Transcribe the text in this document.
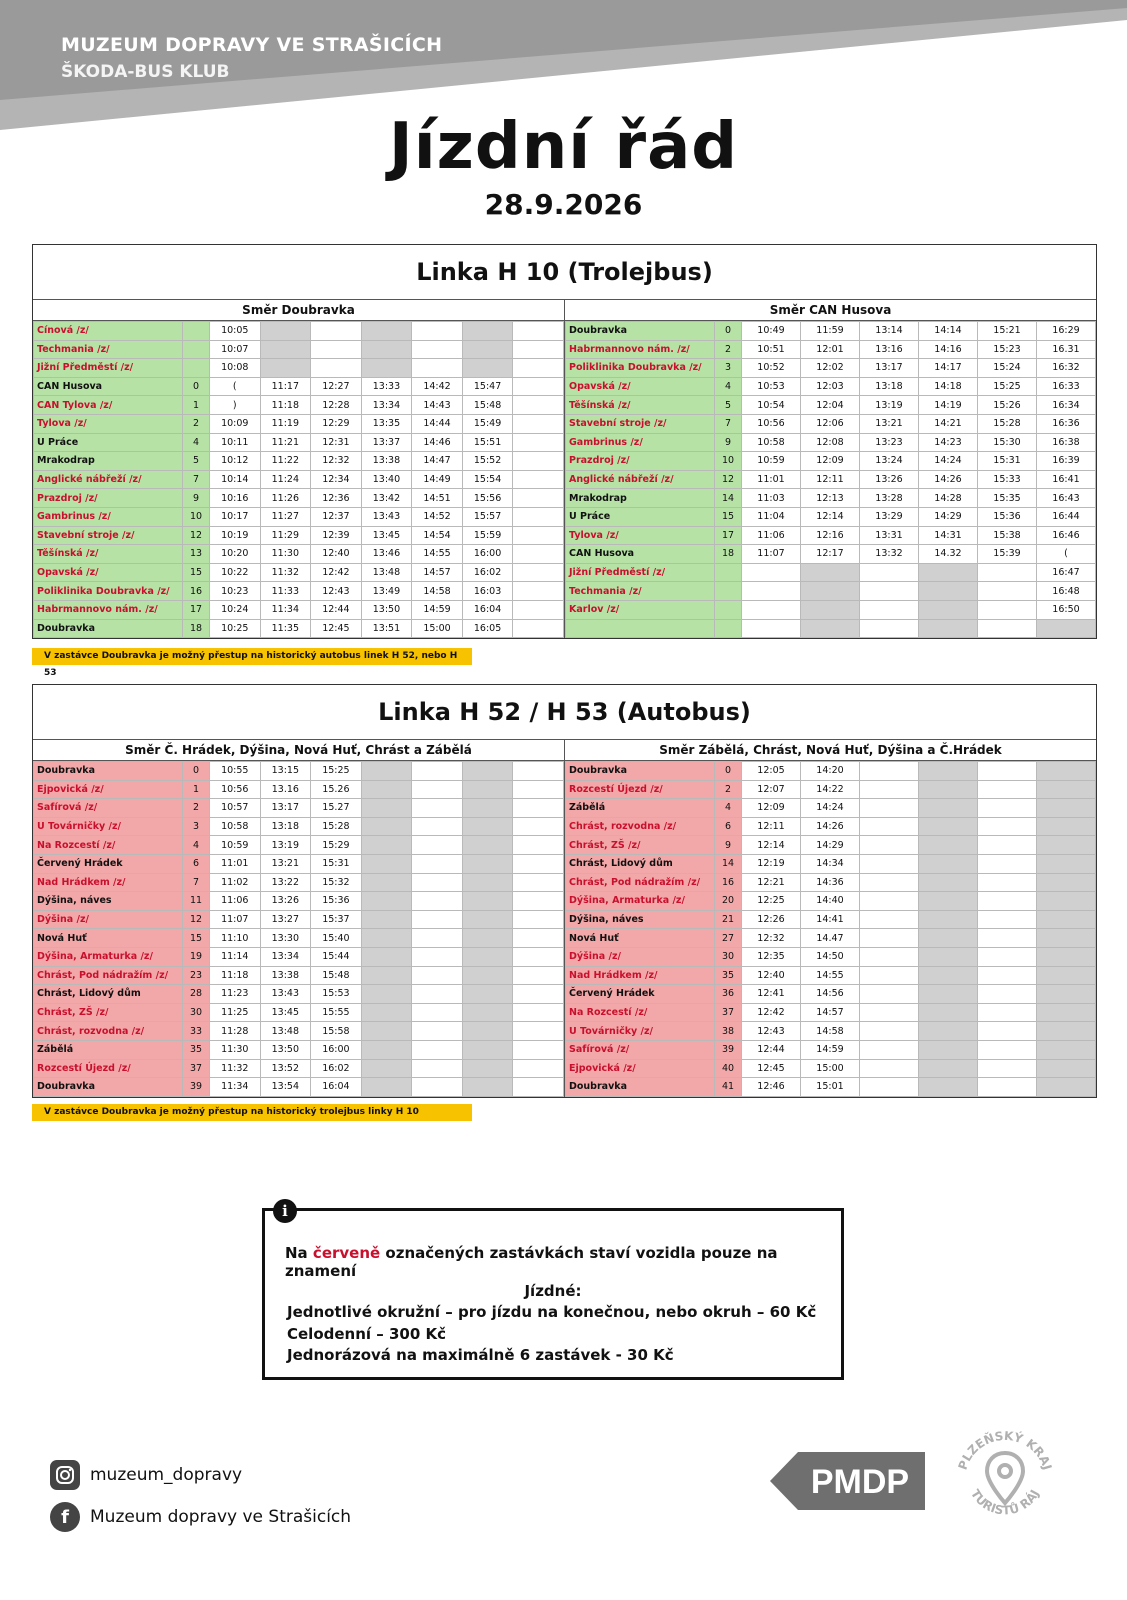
MUZEUM DOPRAVY VE STRAŠICÍCH
ŠKODA-BUS KLUB
Jízdní řád
28.9.2026
Linka H 10 (Trolejbus)
Směr Doubravka
Cínová /z/		10:05						
Techmania /z/		10:07						
Jižní Předměstí /z/		10:08						
CAN Husova	0	(	11:17	12:27	13:33	14:42	15:47	
CAN Tylova /z/	1	)	11:18	12:28	13:34	14:43	15:48	
Tylova /z/	2	10:09	11:19	12:29	13:35	14:44	15:49	
U Práce	4	10:11	11:21	12:31	13:37	14:46	15:51	
Mrakodrap	5	10:12	11:22	12:32	13:38	14:47	15:52	
Anglické nábřeží /z/	7	10:14	11:24	12:34	13:40	14:49	15:54	
Prazdroj /z/	9	10:16	11:26	12:36	13:42	14:51	15:56	
Gambrinus /z/	10	10:17	11:27	12:37	13:43	14:52	15:57	
Stavební stroje /z/	12	10:19	11:29	12:39	13:45	14:54	15:59	
Těšínská /z/	13	10:20	11:30	12:40	13:46	14:55	16:00	
Opavská /z/	15	10:22	11:32	12:42	13:48	14:57	16:02	
Poliklinika Doubravka /z/	16	10:23	11:33	12:43	13:49	14:58	16:03	
Habrmannovo nám. /z/	17	10:24	11:34	12:44	13:50	14:59	16:04	
Doubravka	18	10:25	11:35	12:45	13:51	15:00	16:05	
Směr CAN Husova
Doubravka	0	10:49	11:59	13:14	14:14	15:21	16:29
Habrmannovo nám. /z/	2	10:51	12:01	13:16	14:16	15:23	16.31
Poliklinika Doubravka /z/	3	10:52	12:02	13:17	14:17	15:24	16:32
Opavská /z/	4	10:53	12:03	13:18	14:18	15:25	16:33
Těšínská /z/	5	10:54	12:04	13:19	14:19	15:26	16:34
Stavební stroje /z/	7	10:56	12:06	13:21	14:21	15:28	16:36
Gambrinus /z/	9	10:58	12:08	13:23	14:23	15:30	16:38
Prazdroj /z/	10	10:59	12:09	13:24	14:24	15:31	16:39
Anglické nábřeží /z/	12	11:01	12:11	13:26	14:26	15:33	16:41
Mrakodrap	14	11:03	12:13	13:28	14:28	15:35	16:43
U Práce	15	11:04	12:14	13:29	14:29	15:36	16:44
Tylova /z/	17	11:06	12:16	13:31	14:31	15:38	16:46
CAN Husova	18	11:07	12:17	13:32	14.32	15:39	(
Jižní Předměstí /z/							16:47
Techmania /z/							16:48
Karlov /z/							16:50

V zastávce Doubravka je možný přestup na historický autobus linek H 52, nebo H 53
Linka H 52 / H 53 (Autobus)
Směr Č. Hrádek, Dýšina, Nová Huť, Chrást a Zábělá
Doubravka	0	10:55	13:15	15:25				
Ejpovická /z/	1	10:56	13.16	15.26				
Safírová /z/	2	10:57	13:17	15.27				
U Továrničky /z/	3	10:58	13:18	15:28				
Na Rozcestí /z/	4	10:59	13:19	15:29				
Červený Hrádek	6	11:01	13:21	15:31				
Nad Hrádkem /z/	7	11:02	13:22	15:32				
Dýšina, náves	11	11:06	13:26	15:36				
Dýšina /z/	12	11:07	13:27	15:37				
Nová Huť	15	11:10	13:30	15:40				
Dýšina, Armaturka /z/	19	11:14	13:34	15:44				
Chrást, Pod nádražím /z/	23	11:18	13:38	15:48				
Chrást, Lidový dům	28	11:23	13:43	15:53				
Chrást, ZŠ /z/	30	11:25	13:45	15:55				
Chrást, rozvodna /z/	33	11:28	13:48	15:58				
Zábělá	35	11:30	13:50	16:00				
Rozcestí Újezd /z/	37	11:32	13:52	16:02				
Doubravka	39	11:34	13:54	16:04				
Směr Zábělá, Chrást, Nová Huť, Dýšina a Č.Hrádek
Doubravka	0	12:05	14:20				
Rozcestí Újezd /z/	2	12:07	14:22				
Zábělá	4	12:09	14:24				
Chrást, rozvodna /z/	6	12:11	14:26				
Chrást, ZŠ /z/	9	12:14	14:29				
Chrást, Lidový dům	14	12:19	14:34				
Chrást, Pod nádražím /z/	16	12:21	14:36				
Dýšina, Armaturka /z/	20	12:25	14:40				
Dýšina, náves	21	12:26	14:41				
Nová Huť	27	12:32	14.47				
Dýšina /z/	30	12:35	14:50				
Nad Hrádkem /z/	35	12:40	14:55				
Červený Hrádek	36	12:41	14:56				
Na Rozcestí /z/	37	12:42	14:57				
U Továrničky /z/	38	12:43	14:58				
Safírová /z/	39	12:44	14:59				
Ejpovická /z/	40	12:45	15:00				
Doubravka	41	12:46	15:01				
V zastávce Doubravka je možný přestup na historický trolejbus linky H 10
i
Na červeně označených zastávkách staví vozidla pouze na znamení
Jízdné:
Jednotlivé okružní – pro jízdu na konečnou, nebo okruh – 60 Kč
Celodenní – 300 Kč
Jednorázová na maximálně 6 zastávek - 30 Kč
muzeum_dopravy
f	Muzeum dopravy ve Strašicích
PMDP	PLZEŇSKÝ KRAJ
TURISTŮ RÁJ
